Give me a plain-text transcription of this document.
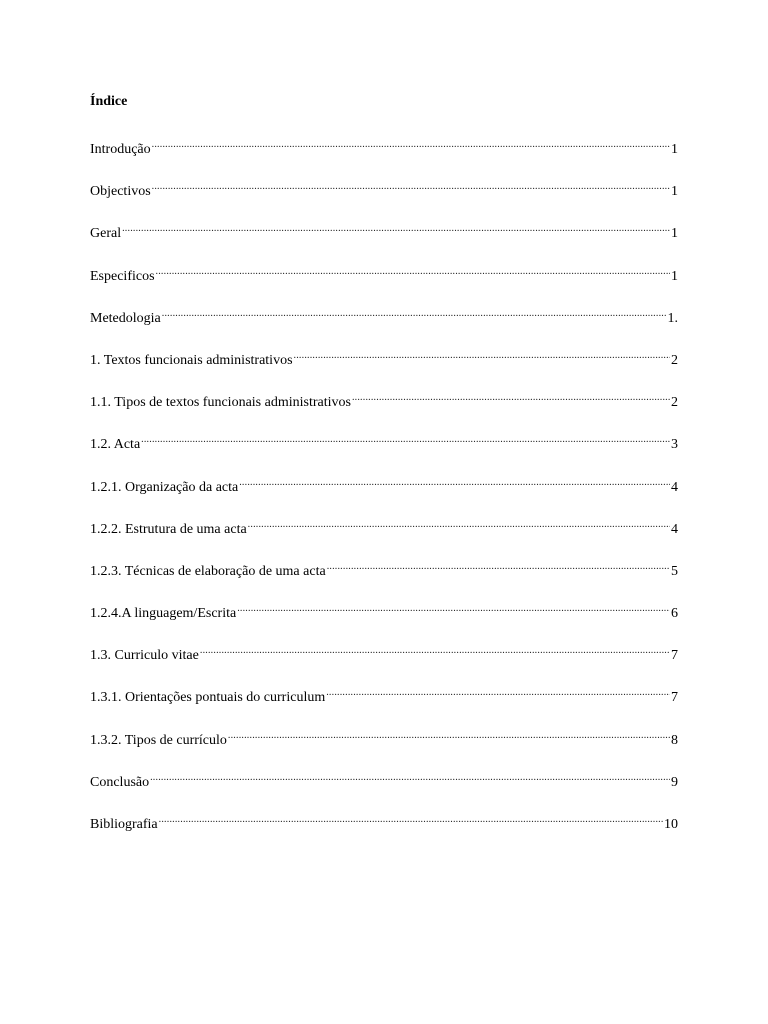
Índice
Introdução .....	1
Objectivos .....	1
Geral .....	1
Especificos .....	1
Metedologia .....	1.
1. Textos funcionais administrativos .....	2
1.1. Tipos de textos funcionais administrativos .....	2
1.2. Acta .....	3
1.2.1. Organização da acta .....	4
1.2.2. Estrutura de uma acta .....	4
1.2.3. Técnicas de elaboração de uma acta .....	5
1.2.4.A linguagem/Escrita .....	6
1.3. Curriculo vitae .....	7
1.3.1. Orientações pontuais do curriculum .....	7
1.3.2. Tipos de currículo .....	8
Conclusão .....	9
Bibliografia .....	10
